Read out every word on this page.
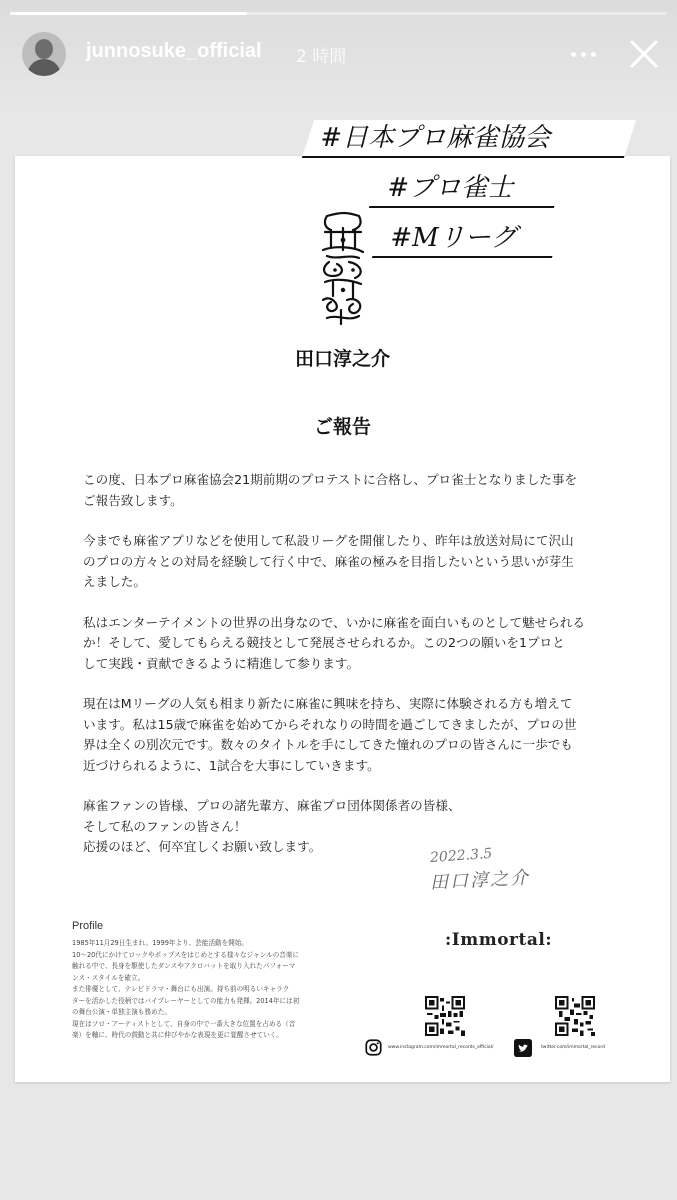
junnosuke_official 2 時間
田口淳之介
ご報告

この度、日本プロ麻雀協会21期前期のプロテストに合格し、プロ雀士となりました事を
ご報告致します。

今までも麻雀アプリなどを使用して私設リーグを開催したり、昨年は放送対局にて沢山
のプロの方々との対局を経験して行く中で、麻雀の極みを目指したいという思いが芽生
えました。

私はエンターテイメントの世界の出身なので、いかに麻雀を面白いものとして魅せられる
か！そして、愛してもらえる競技として発展させられるか。この2つの願いを1プロと
して実践・貢献できるように精進して参ります。

現在はMリーグの人気も相まり新たに麻雀に興味を持ち、実際に体験される方も増えて
います。私は15歳で麻雀を始めてからそれなりの時間を過ごしてきましたが、プロの世
界は全くの別次元です。数々のタイトルを手にしてきた憧れのプロの皆さんに一歩でも
近づけられるように、1試合を大事にしていきます。

麻雀ファンの皆様、プロの諸先輩方、麻雀プロ団体関係者の皆様、
そして私のファンの皆さん！
応援のほど、何卒宜しくお願い致します。	2022.3.5
田口淳之介
Profile
1985年11月29日生まれ。1999年より、芸能活動を開始。
10～20代にかけてロックやポップスをはじめとする様々なジャンルの音楽に
触れる中で、長身を駆使したダンスやアクロバットを取り入れたパフォーマ
ンス・スタイルを確立。
また俳優として、テレビドラマ・舞台にも出演。持ち前の明るいキャラク
ターを活かした役柄ではバイプレーヤーとしての能力も発揮。2014年には初
の舞台公演・単独主演も務めた。
現在はソロ・アーティストとして、自身の中で一番大きな位置を占める（音
楽）を軸に、時代の鼓動と共に伸びやかな表現を更に覚醒させていく。
:Immortal:
www.instagram.com/immortal_records_official/	twitter.com/immortal_record
#日本プロ麻雀協会
#プロ雀士
#Mリーグ
